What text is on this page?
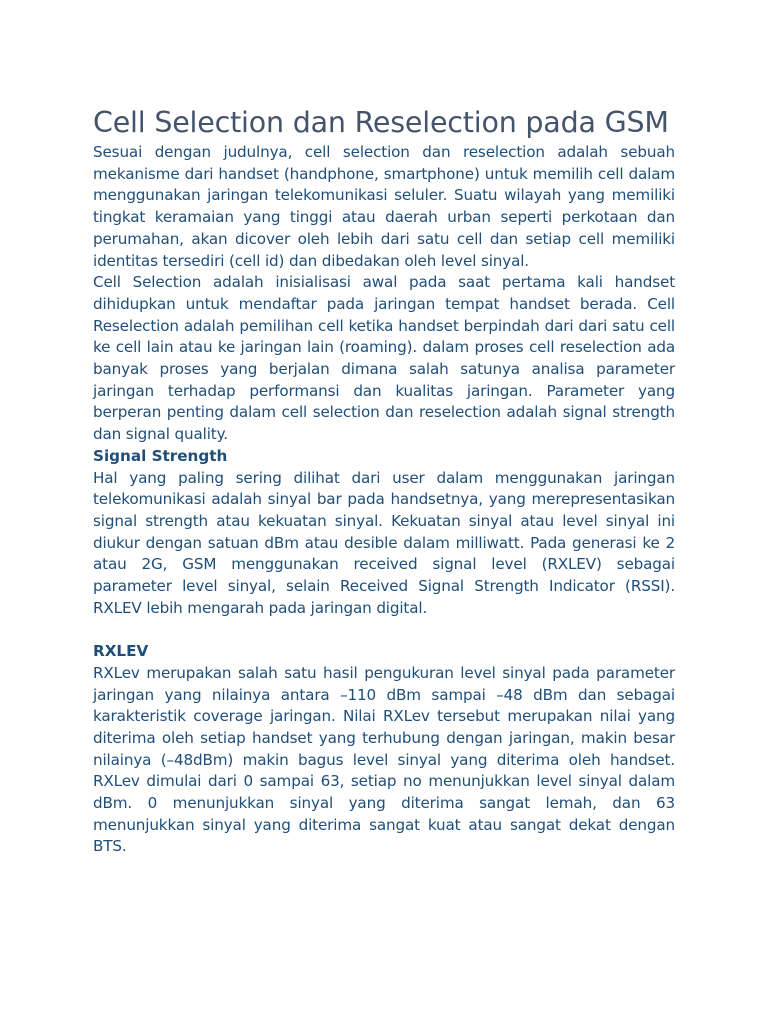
Cell Selection dan Reselection pada GSM

Sesuai dengan judulnya, cell selection dan reselection adalah sebuah mekanisme dari handset (handphone, smartphone) untuk memilih cell dalam menggunakan jaringan telekomunikasi seluler. Suatu wilayah yang memiliki tingkat keramaian yang tinggi atau daerah urban seperti perkotaan dan perumahan, akan dicover oleh lebih dari satu cell dan setiap cell memiliki identitas tersediri (cell id) dan dibedakan oleh level sinyal.

Cell Selection adalah inisialisasi awal pada saat pertama kali handset dihidupkan untuk mendaftar pada jaringan tempat handset berada. Cell Reselection adalah pemilihan cell ketika handset berpindah dari dari satu cell ke cell lain atau ke jaringan lain (roaming). dalam proses cell reselection ada banyak proses yang berjalan dimana salah satunya analisa parameter jaringan terhadap performansi dan kualitas jaringan. Parameter yang berperan penting dalam cell selection dan reselection adalah signal strength dan signal quality.

Signal Strength

Hal yang paling sering dilihat dari user dalam menggunakan jaringan telekomunikasi adalah sinyal bar pada handsetnya, yang merepresentasikan signal strength atau kekuatan sinyal. Kekuatan sinyal atau level sinyal ini diukur dengan satuan dBm atau desible dalam milliwatt. Pada generasi ke 2 atau 2G, GSM menggunakan received signal level (RXLEV) sebagai parameter level sinyal, selain Received Signal Strength Indicator (RSSI). RXLEV lebih mengarah pada jaringan digital.

RXLEV

RXLev merupakan salah satu hasil pengukuran level sinyal pada parameter jaringan yang nilainya antara –110 dBm sampai –48 dBm dan sebagai karakteristik coverage jaringan. Nilai RXLev tersebut merupakan nilai yang diterima oleh setiap handset yang terhubung dengan jaringan, makin besar nilainya (–48dBm) makin bagus level sinyal yang diterima oleh handset. RXLev dimulai dari 0 sampai 63, setiap no menunjukkan level sinyal dalam dBm. 0 menunjukkan sinyal yang diterima sangat lemah, dan 63 menunjukkan sinyal yang diterima sangat kuat atau sangat dekat dengan BTS.
